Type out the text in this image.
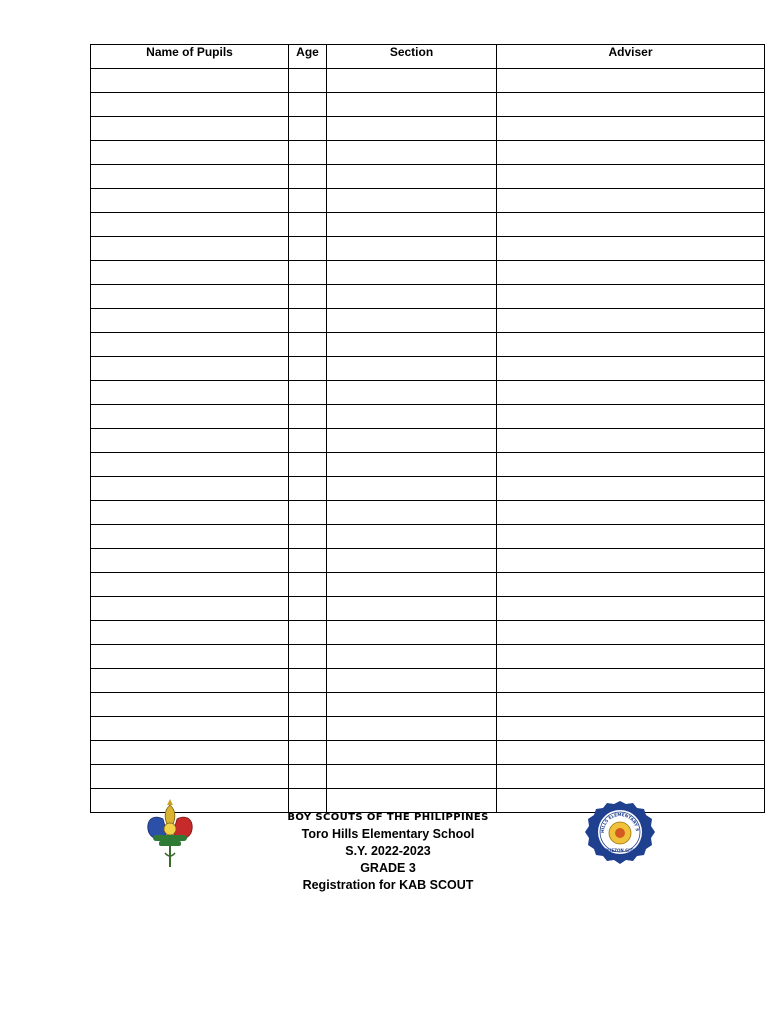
Name of Pupils	Age	Section	Adviser

HILLS ELEMENTARY S
QUEZON CITY
BOY SCOUTS OF THE PHILIPPINES
Toro Hills Elementary School
S.Y. 2022-2023
GRADE 3
Registration for KAB SCOUT
